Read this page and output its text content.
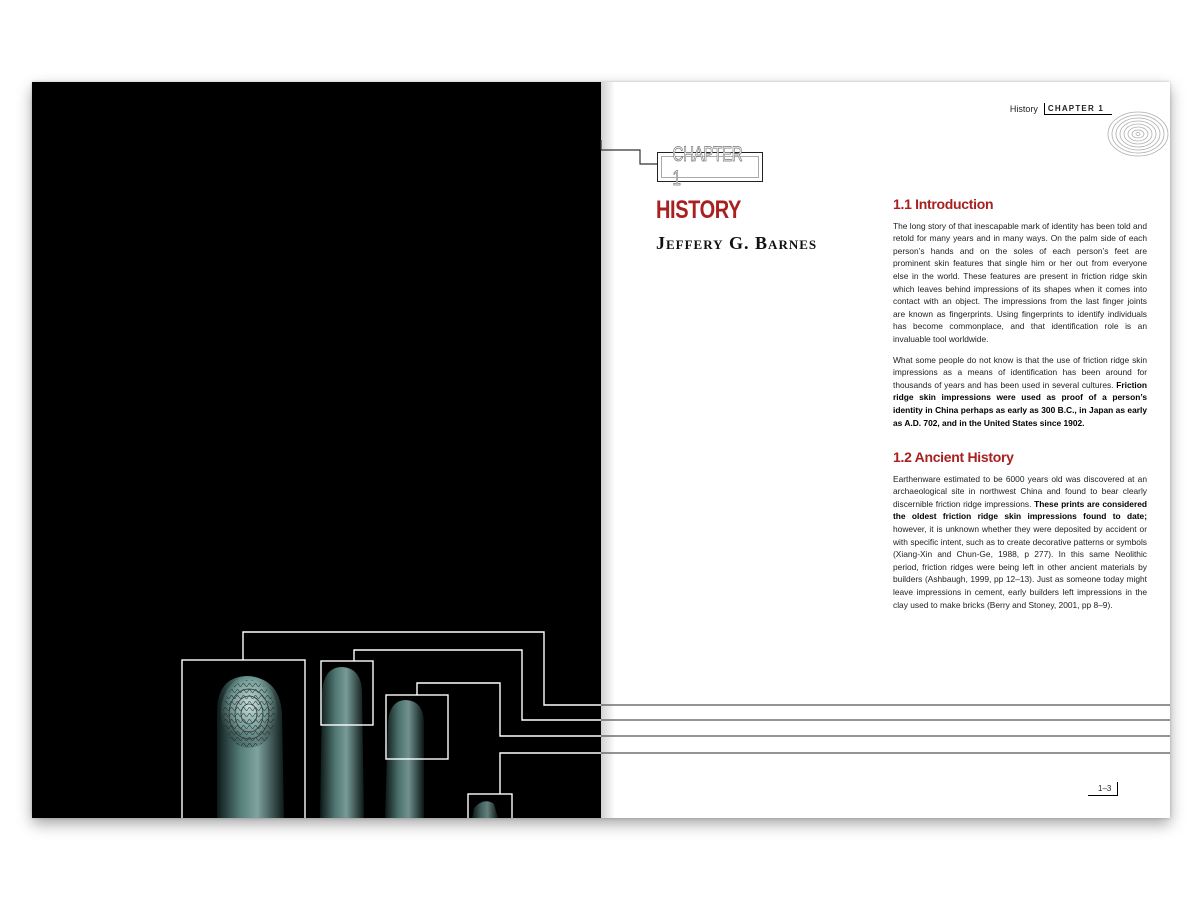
History	CHAPTER 1
CHAPTER 1
HISTORY
Jeffery G. Barnes
1.1 Introduction

The long story of that inescapable mark of identity has been told and retold for many years and in many ways. On the palm side of each person’s hands and on the soles of each person’s feet are prominent skin features that single him or her out from everyone else in the world. These features are present in friction ridge skin which leaves behind impressions of its shapes when it comes into contact with an object. The impressions from the last finger joints are known as fingerprints. Using fingerprints to identify individuals has become commonplace, and that identification role is an invaluable tool worldwide.

What some people do not know is that the use of friction ridge skin impressions as a means of identification has been around for thousands of years and has been used in several cultures. Friction ridge skin impressions were used as proof of a person’s identity in China perhaps as early as 300 B.C., in Japan as early as A.D. 702, and in the United States since 1902.

1.2 Ancient History

Earthenware estimated to be 6000 years old was discovered at an archaeological site in northwest China and found to bear clearly discernible friction ridge impressions. These prints are considered the oldest friction ridge skin impressions found to date; however, it is unknown whether they were deposited by accident or with specific intent, such as to create decorative patterns or symbols (Xiang-Xin and Chun-Ge, 1988, p 277). In this same Neolithic period, friction ridges were being left in other ancient materials by builders (Ashbaugh, 1999, pp 12–13). Just as someone today might leave impressions in cement, early builders left impressions in the clay used to make bricks (Berry and Stoney, 2001, pp 8–9).

1–3
